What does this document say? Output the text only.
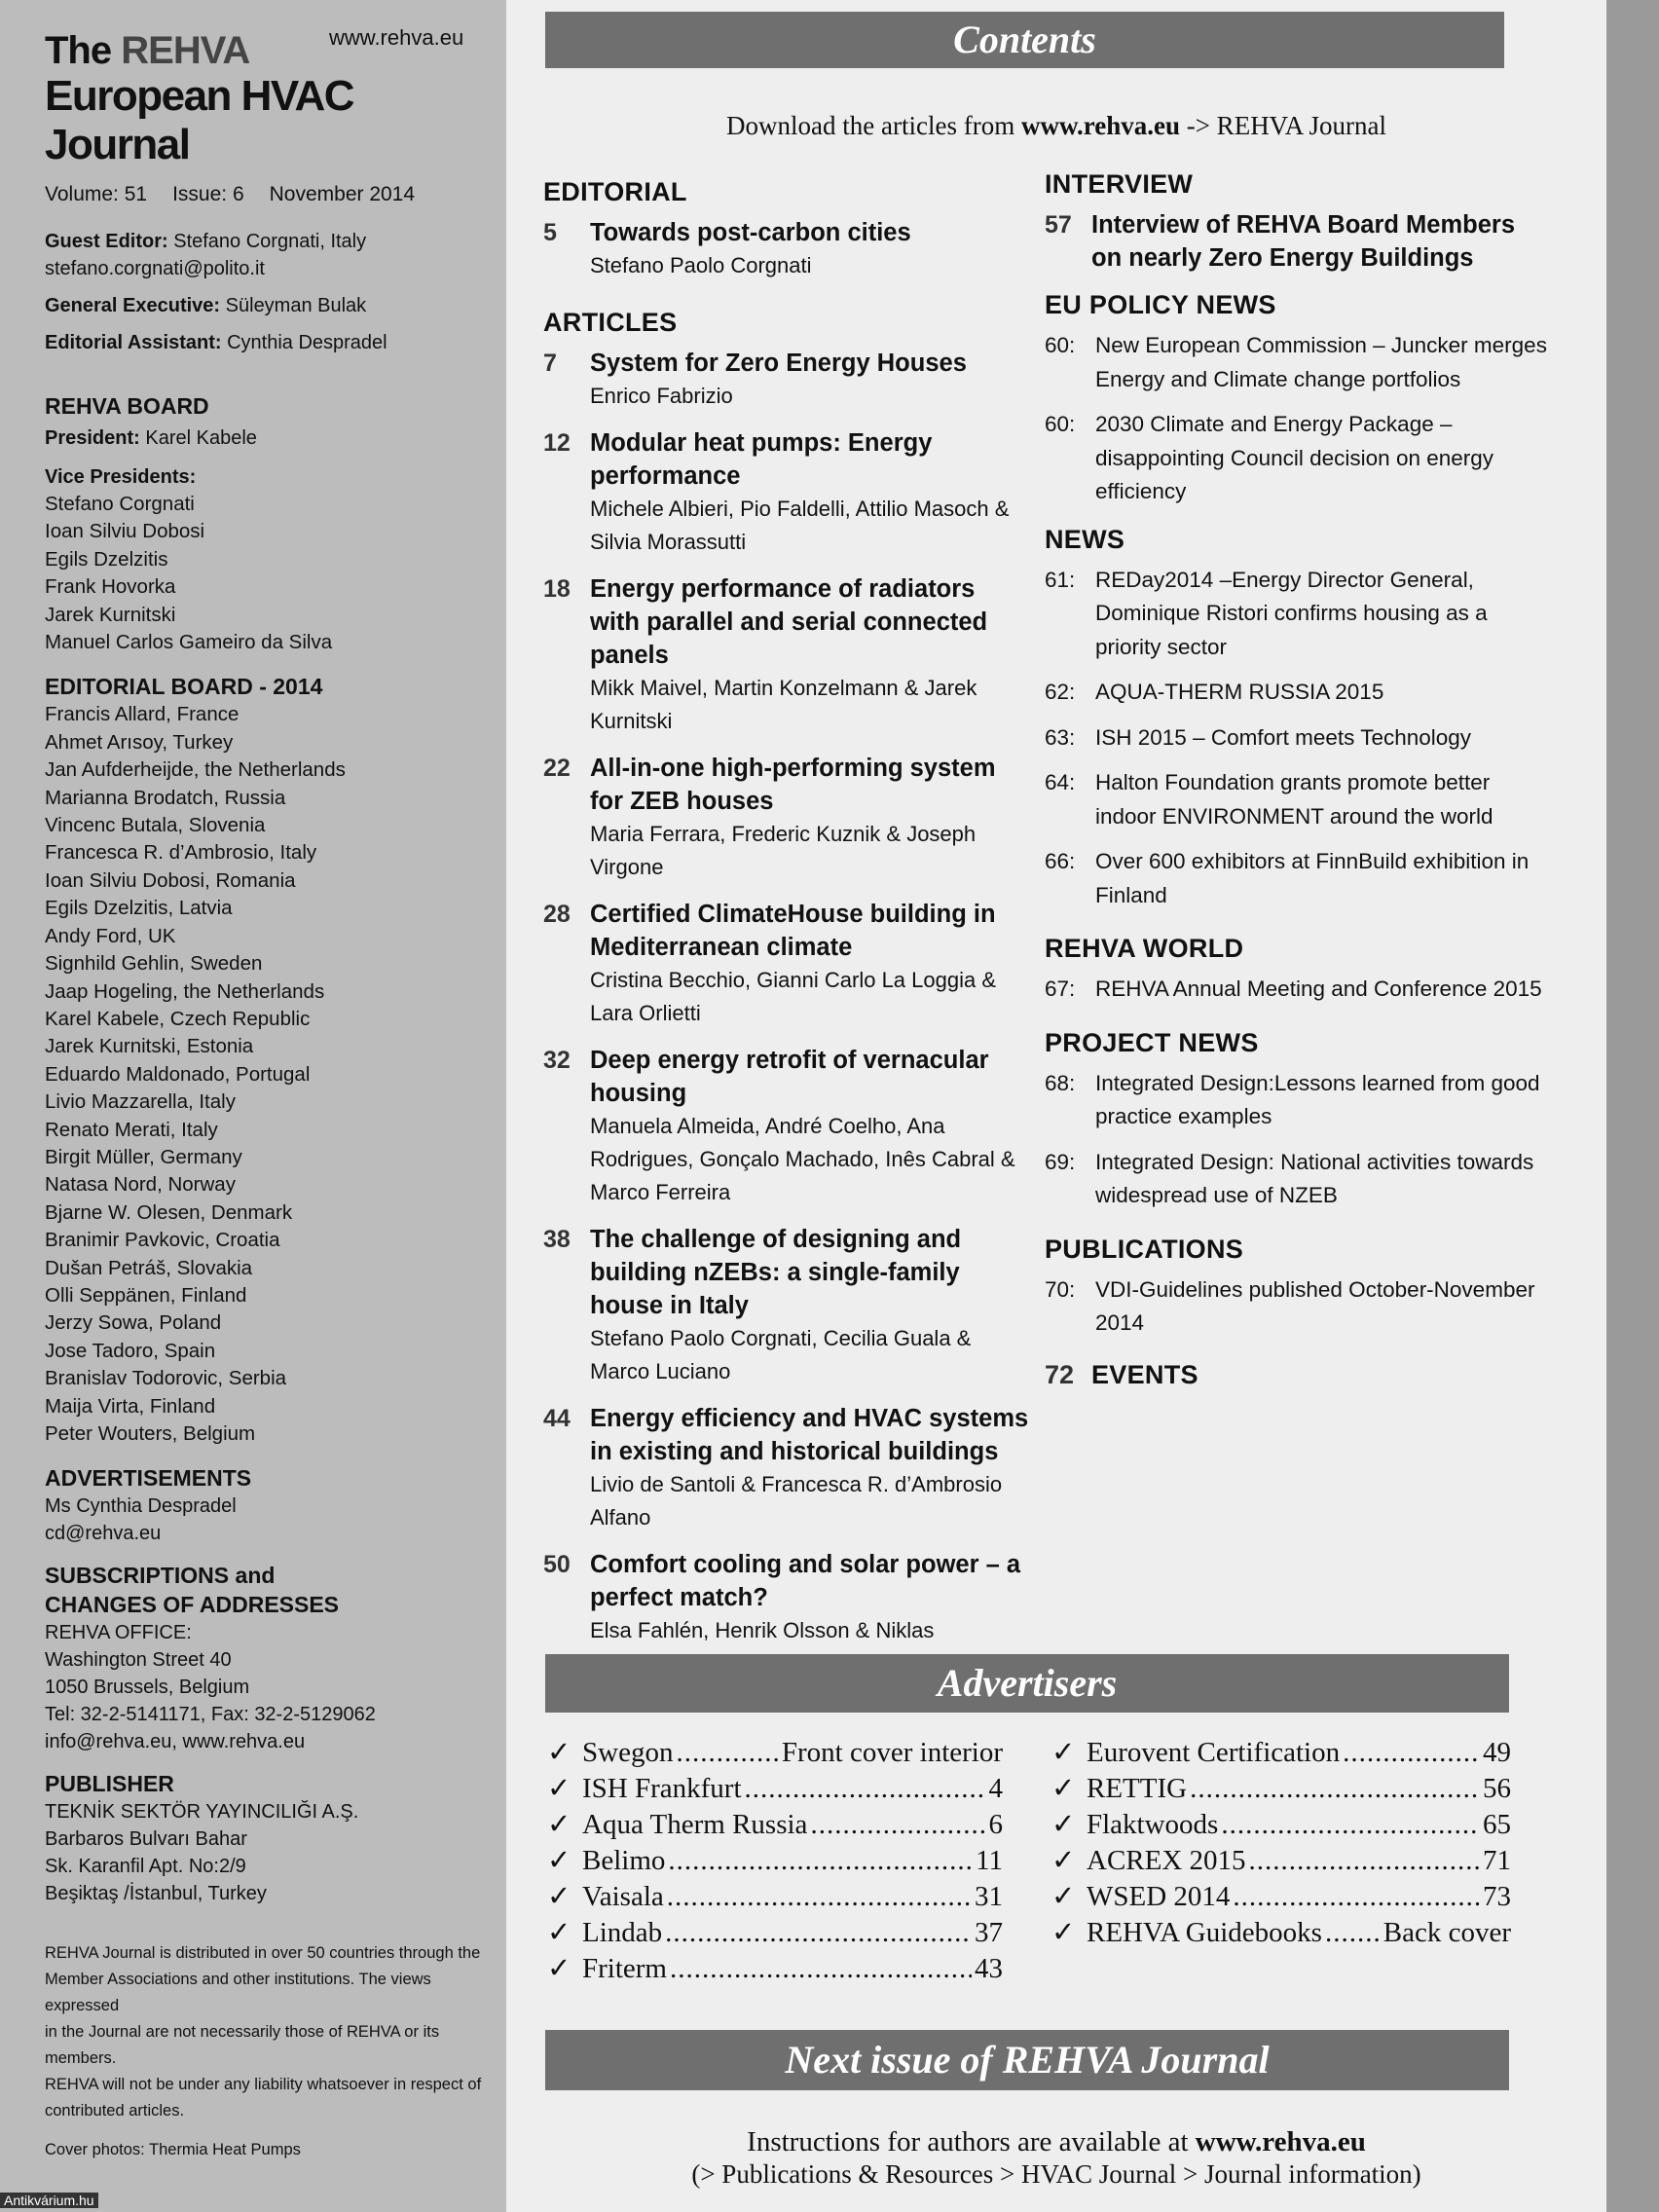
The REHVA
European HVAC Journal
www.rehva.eu
Volume: 51 Issue: 6 November 2014

Guest Editor: Stefano Corgnati, Italy

stefano.corgnati@polito.it

General Executive: Süleyman Bulak

Editorial Assistant: Cynthia Despradel

REHVA BOARD

President: Karel Kabele

Vice Presidents:

Stefano Corgnati
Ioan Silviu Dobosi
Egils Dzelzitis
Frank Hovorka
Jarek Kurnitski
Manuel Carlos Gameiro da Silva

EDITORIAL BOARD - 2014

Francis Allard, France
Ahmet Arısoy, Turkey
Jan Aufderheijde, the Netherlands
Marianna Brodatch, Russia
Vincenc Butala, Slovenia
Francesca R. d’Ambrosio, Italy
Ioan Silviu Dobosi, Romania
Egils Dzelzitis, Latvia
Andy Ford, UK
Signhild Gehlin, Sweden
Jaap Hogeling, the Netherlands
Karel Kabele, Czech Republic
Jarek Kurnitski, Estonia
Eduardo Maldonado, Portugal
Livio Mazzarella, Italy
Renato Merati, Italy
Birgit Müller, Germany
Natasa Nord, Norway
Bjarne W. Olesen, Denmark
Branimir Pavkovic, Croatia
Dušan Petráš, Slovakia
Olli Seppänen, Finland
Jerzy Sowa, Poland
Jose Tadoro, Spain
Branislav Todorovic, Serbia
Maija Virta, Finland
Peter Wouters, Belgium

ADVERTISEMENTS

Ms Cynthia Despradel

cd@rehva.eu

SUBSCRIPTIONS and

CHANGES OF ADDRESSES

REHVA OFFICE:

Washington Street 40

1050 Brussels, Belgium

Tel: 32-2-5141171, Fax: 32-2-5129062

info@rehva.eu, www.rehva.eu

PUBLISHER

TEKNİK SEKTÖR YAYINCILIĞI A.Ş.

Barbaros Bulvarı Bahar

Sk. Karanfil Apt. No:2/9

Beşiktaş /İstanbul, Turkey

REHVA Journal is distributed in over 50 countries through the

Member Associations and other institutions. The views expressed

in the Journal are not necessarily those of REHVA or its members.

REHVA will not be under any liability whatsoever in respect of

contributed articles.

Cover photos: Thermia Heat Pumps
Antikvárium.hu
Contents
Download the articles from www.rehva.eu -> REHVA Journal

EDITORIAL

5	Towards post-carbon cities
Stefano Paolo Corgnati

ARTICLES

7	System for Zero Energy Houses
Enrico Fabrizio
12 Modular heat pumps: Energy performance
Michele Albieri, Pio Faldelli, Attilio Masoch & Silvia Morassutti
18 Energy performance of radiators with parallel and serial connected panels
Mikk Maivel, Martin Konzelmann & Jarek Kurnitski
22 All-in-one high-performing system for ZEB houses
Maria Ferrara, Frederic Kuznik & Joseph Virgone
28 Certified ClimateHouse building in Mediterranean climate
Cristina Becchio, Gianni Carlo La Loggia & Lara Orlietti
32 Deep energy retrofit of vernacular housing
Manuela Almeida, André Coelho, Ana Rodrigues, Gonçalo Machado, Inês Cabral & Marco Ferreira
38 The challenge of designing and building nZEBs: a single-family house in Italy
Stefano Paolo Corgnati, Cecilia Guala & Marco Luciano
44 Energy efficiency and HVAC systems in existing and historical buildings
Livio de Santoli & Francesca R. d’Ambrosio Alfano
50 Comfort cooling and solar power – a perfect match?
Elsa Fahlén, Henrik Olsson & Niklas

INTERVIEW

57 Interview of REHVA Board Members on nearly Zero Energy Buildings

EU POLICY NEWS

60: New European Commission – Juncker merges Energy and Climate change portfolios
60: 2030 Climate and Energy Package – disappointing Council decision on energy efficiency

NEWS

61: REDay2014 –Energy Director General, Dominique Ristori confirms housing as a priority sector
62: AQUA-THERM RUSSIA 2015
63: ISH 2015 – Comfort meets Technology
64: Halton Foundation grants promote better indoor ENVIRONMENT around the world
66: Over 600 exhibitors at FinnBuild exhibition in Finland

REHVA WORLD

67: REHVA Annual Meeting and Conference 2015

PROJECT NEWS

68: Integrated Design:Lessons learned from good practice examples
69: Integrated Design: National activities towards widespread use of NZEB

PUBLICATIONS

70: VDI-Guidelines published October-November 2014
72 EVENTS
Advertisers
✓ Swegon .....	Front cover interior
✓ ISH Frankfurt .....	4
✓ Aqua Therm Russia .....	6
✓ Belimo .....	11
✓ Vaisala .....	31
✓ Lindab .....	37
✓ Friterm .....	43
✓ Eurovent Certification .....	49
✓ RETTIG .....	56
✓ Flaktwoods .....	65
✓ ACREX 2015 .....	71
✓ WSED 2014 .....	73
✓ REHVA Guidebooks ..... Back cover
Next issue of REHVA Journal
Instructions for authors are available at www.rehva.eu
(> Publications & Resources > HVAC Journal > Journal information)
